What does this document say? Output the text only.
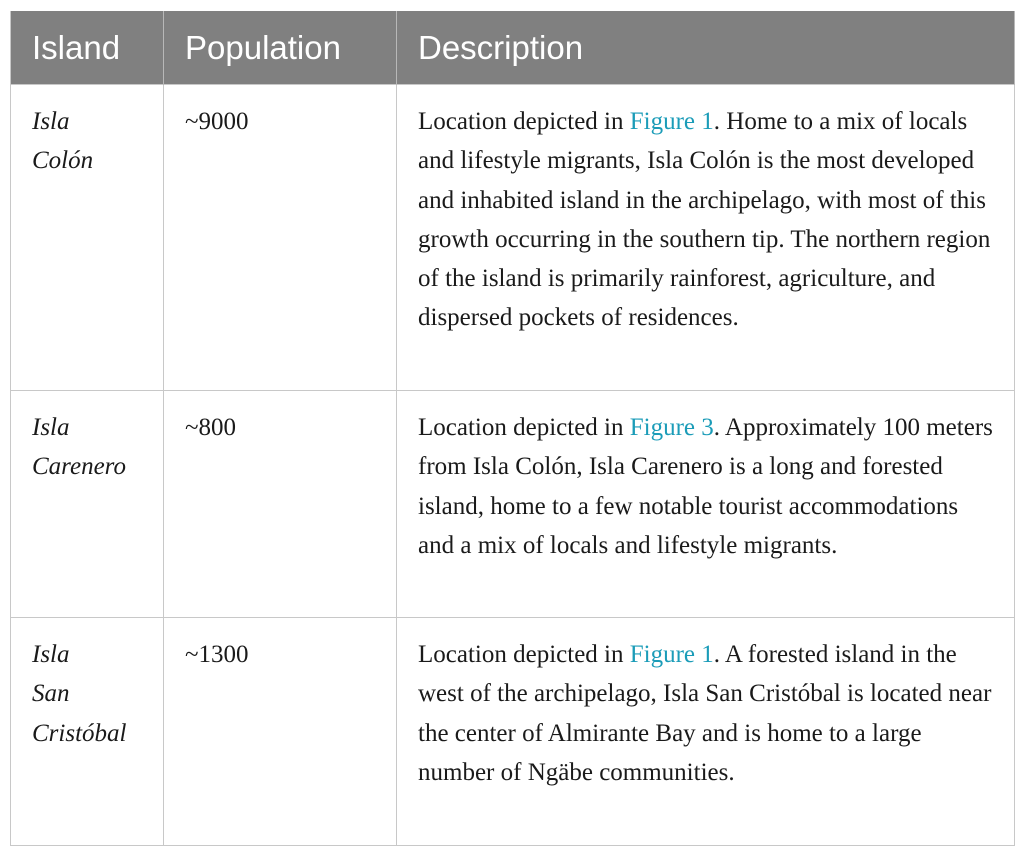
Island	Population	Description

Isla
Colón	~9000	Location depicted in Figure 1. Home to a mix of locals and lifestyle migrants, Isla Colón is the most developed and inhabited island in the archipelago, with most of this growth occurring in the southern tip. The northern region of the island is primarily rainforest, agriculture, and dispersed pockets of residences.

Isla
Carenero	~800	Location depicted in Figure 3. Approximately 100 meters from Isla Colón, Isla Carenero is a long and forested island, home to a few notable tourist accommodations and a mix of locals and lifestyle migrants.

Isla
San
Cristóbal	~1300	Location depicted in Figure 1. A forested island in the west of the archipelago, Isla San Cristóbal is located near the center of Almirante Bay and is home to a large number of Ngäbe communities.
